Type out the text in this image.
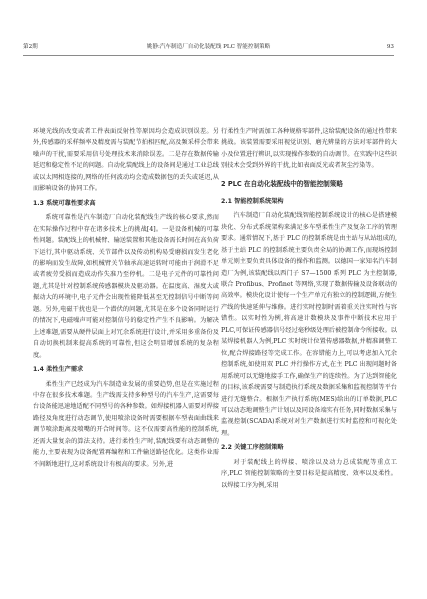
第2期	姚静:汽车制造厂自动化装配线 PLC 智能控制策略	93

环境光线的改变或者工件表面反射性等原因均会造成识别误差。另外,传感器的采样频率及精度需与装配节拍相匹配,高及频采样会带来噪声的干扰,需要采用信号处理技术来消除误差。二是存在数据传输延迟和稳定性不足的问题。自动化装配线上的设备间是通过工业总线或以太网相连接的,网络的任何波动均会造成数据包的丢失或延迟,从而影响设备的协同工作。

1.3 系统可靠性要求高

系统可靠性是汽车制造厂自动化装配线生产线的核心要求,然而在实际操作过程中存在诸多技术上的挑战[4]。一是设备机械的可靠性问题。装配线上的机械臂、输送装置和其他设备需长时间在高负荷下运行,其中驱动系统、关节部件以及传动机构易受磨损而发生老化的影响而发生故障,如机械臂关节轴承高速运转时可能由于润滑不足或者疲劳受损而造成动作失准乃至停机。二是电子元件的可靠性问题,尤其是针对控制系统传感器模块及驱动器。在温度高、湿度大或振动大的环境中,电子元件会出现性能降低甚至无控制信号中断等问题。另外,电磁干扰也是一个潜伏的问题,尤其是在多个设备同时运行的情况下,电磁噪声可能对控制信号的稳定性产生不良影响。为解决上述难题,需要从硬件层面上对冗余系统进行设计,并采用多重备份及自动切换机制来提高系统的可靠性,但这会明显增加系统的复杂程度。

1.4 柔性生产需求

柔性生产已经成为汽车制造业发展的重要趋势,但是在实施过程中存在很多技术难题。生产线需支持多种型号的汽车生产,这需要每台设备能迅速地适配不同型号的各种参数。如焊接机器人需要对焊接路径及角度进行动态调节,使用喷涂设备时需要根据车型表面曲线来调节喷涂距离及喷嘴的开合时间等。这不仅需要高性能的控制系统,还需大量复杂的算法支持。进行柔性生产时,装配线要有动态调整的能力,主要表现为设备配置再编程和工件输送路径优化。这类作业需不间断地进行,这对系统设计有极高的要求。另外,进

行柔性生产时需加工各种规格零部件,这给装配设备的通过性带来挑战。该装置需要采用视觉识别、磨光辨量的方法对零部件的大小及位置进行辨识,以实现操作参数的自动调节。在实践中这些识别技术会受到外界的干扰,比如表面反光或者灰尘污染等。

2 PLC 在自动化装配线中的智能控制策略
2.1 智能控制系统架构

汽车制造厂自动化装配线智能控制系统设计的核心是搭建模块化、分布式系统架构来满足多车型柔性生产及复杂工序的管理要求。通常情况下,基于 PLC 的控制系统是由主站与从站组成的,基于主站 PLC 的控制系统主要负责全局的协调工作,而现场控制单元则主要负责具体设备的操作和监测。以德国一家知名汽车制造厂为例,该装配线以西门子 S7—1500 系列 PLC 为主控制器,联合 Profibus、Profinet 等网络,实现了数据传输及设备联动的高效率。模块化设计使每一个生产单元有独立的控制逻辑,方便生产线的快速延伸与维修。进行实时控制时需着重关注实时性与容错性。以实时性为例,将高速计数模块及事件中断技术应用于 PLC,可保证传感器信号经过毫秒级处理后被控制命令所接收。以某焊接机器人为例,PLC 实时统计位置传感器数据,并精准调整工位,配合焊接路径等完成工作。在容错能力上,可以考虑加入冗余控制系统,如使用双 PLC 并行操作方式,在主 PLC 出现问题时备用系统可以无缝地接手工作,确保生产的连续性。为了达到智能化的目标,该系统需要与制造执行系统及数据采集和监视控制等平台进行无缝整合。根据生产执行系统(MES)给出的订单数据,PLC 可以动态地调整生产计划以及同设备端实有任务,同时数据采集与监视控制(SCADA)系统对对生产数据进行实时监控和可视化处理。

2.2 关键工序控制策略

对于装配线上的焊接、喷涂以及动力总成装配等重点工序,PLC 智能控制策略的主要目标是提高精度、效率以及柔性。以焊接工序为例,采用
